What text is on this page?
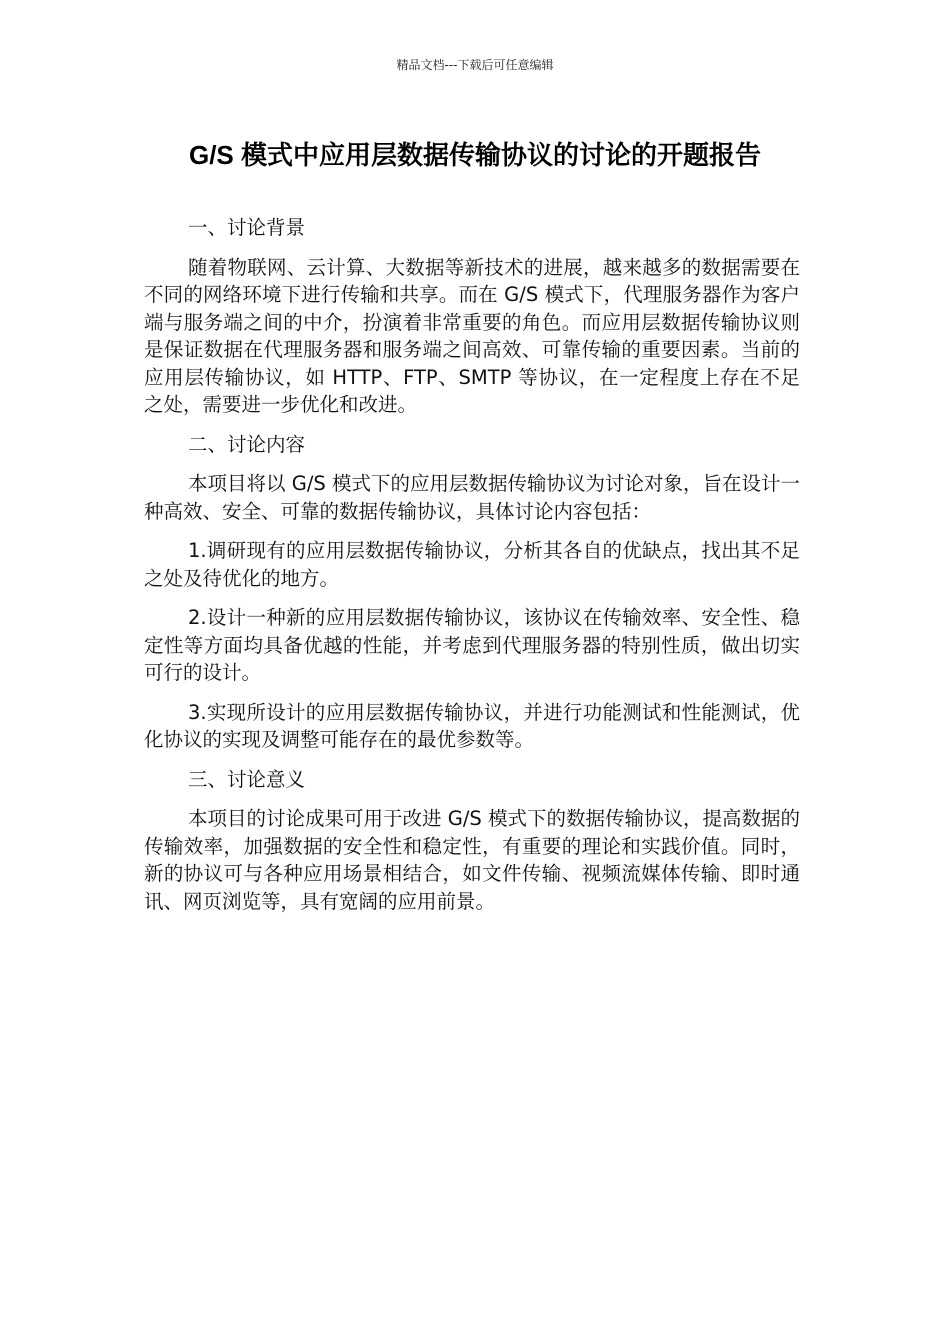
精品文档---下载后可任意编辑
G/S 模式中应用层数据传输协议的讨论的开题报告

一、讨论背景

随着物联网、云计算、大数据等新技术的进展，越来越多的数据需要在不同的网络环境下进行传输和共享。而在 G/S 模式下，代理服务器作为客户端与服务端之间的中介，扮演着非常重要的角色。而应用层数据传输协议则是保证数据在代理服务器和服务端之间高效、可靠传输的重要因素。当前的应用层传输协议，如 HTTP、FTP、SMTP 等协议，在一定程度上存在不足之处，需要进一步优化和改进。

二、讨论内容

本项目将以 G/S 模式下的应用层数据传输协议为讨论对象，旨在设计一种高效、安全、可靠的数据传输协议，具体讨论内容包括：

1.调研现有的应用层数据传输协议，分析其各自的优缺点，找出其不足之处及待优化的地方。

2.设计一种新的应用层数据传输协议，该协议在传输效率、安全性、稳定性等方面均具备优越的性能，并考虑到代理服务器的特别性质，做出切实可行的设计。

3.实现所设计的应用层数据传输协议，并进行功能测试和性能测试，优化协议的实现及调整可能存在的最优参数等。

三、讨论意义

本项目的讨论成果可用于改进 G/S 模式下的数据传输协议，提高数据的传输效率，加强数据的安全性和稳定性，有重要的理论和实践价值。同时，新的协议可与各种应用场景相结合，如文件传输、视频流媒体传输、即时通讯、网页浏览等，具有宽阔的应用前景。
